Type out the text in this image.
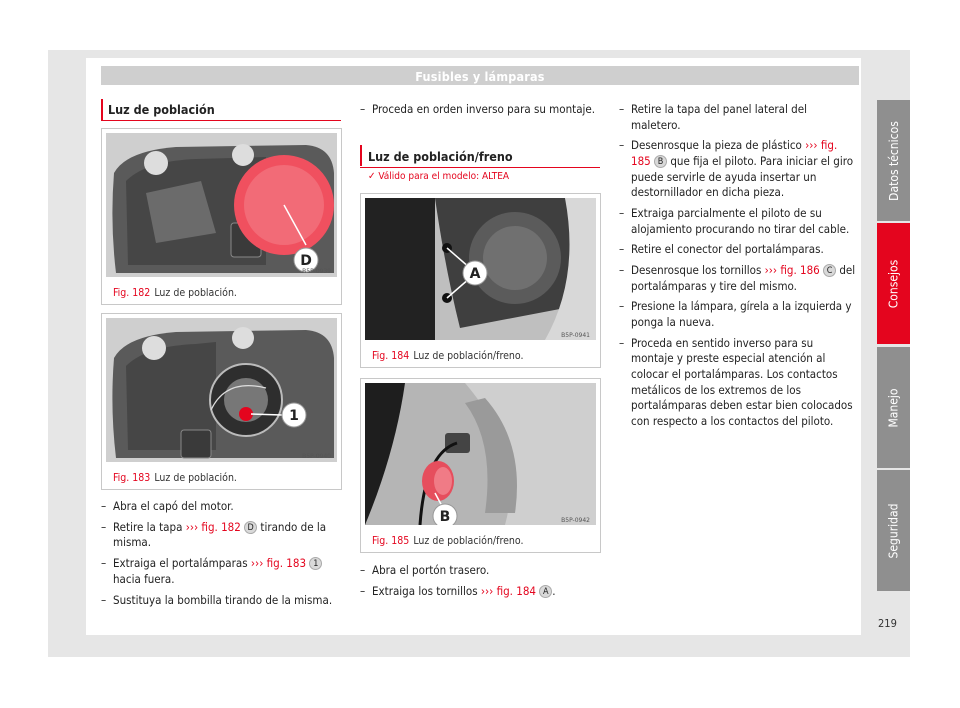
Fusibles y lámparas
Datos técnicos
Consejos
Manejo
Seguridad
Luz de población
D
B5P-0939
Fig. 182 Luz de población.
1
B5P-0940
Fig. 183 Luz de población.
– Abra el capó del motor.
– Retire la tapa ››› fig. 182 D tirando de la misma.
– Extraiga el portalámparas ››› fig. 183 1 hacia fuera.
– Sustituya la bombilla tirando de la misma.
– Proceda en orden inverso para su montaje.
Luz de población/freno
✓ Válido para el modelo: ALTEA
A
B5P-0941
Fig. 184 Luz de población/freno.
B	B5P-0942
Fig. 185 Luz de población/freno.
– Abra el portón trasero.
– Extraiga los tornillos ››› fig. 184 A .
– Retire la tapa del panel lateral del maletero.
– Desenrosque la pieza de plástico ››› fig. 185 B que fija el piloto. Para iniciar el giro puede servirle de ayuda insertar un destornillador en dicha pieza.
– Extraiga parcialmente el piloto de su alojamiento procurando no tirar del cable.
– Retire el conector del portalámparas.
– Desenrosque los tornillos ››› fig. 186 C del portalámparas y tire del mismo.
– Presione la lámpara, gírela a la izquierda y ponga la nueva.
– Proceda en sentido inverso para su montaje y preste especial atención al colocar el portalámparas. Los contactos metálicos de los extremos de los portalámparas deben estar bien colocados con respecto a los contactos del piloto.
219
